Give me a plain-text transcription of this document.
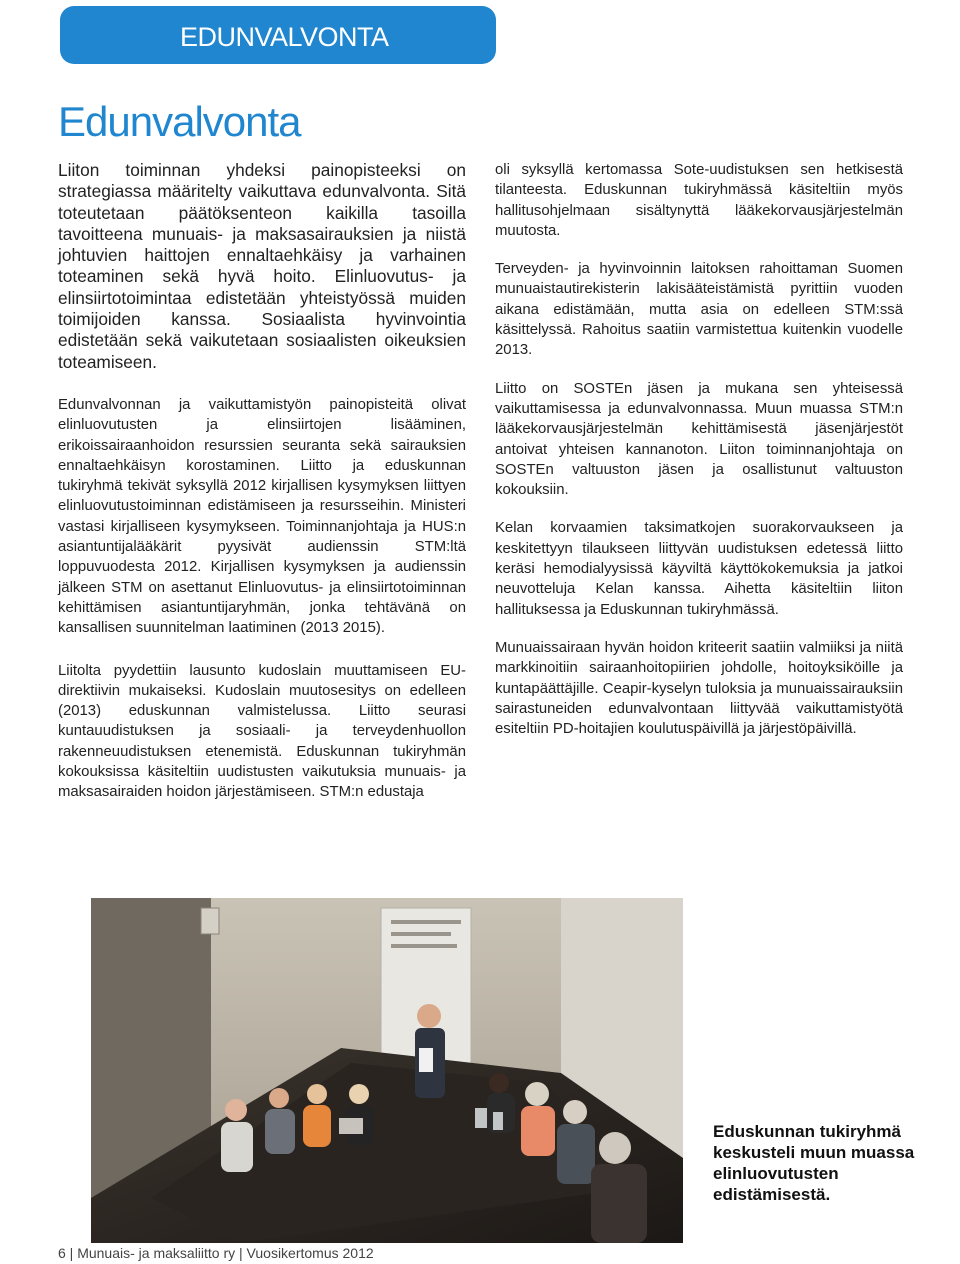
EDUNVALVONTA
Edunvalvonta

Liiton toiminnan yhdeksi painopisteeksi on strategiassa määritelty vaikuttava edunvalvonta. Sitä toteutetaan päätöksenteon kaikilla tasoilla tavoitteena munuais- ja maksasairauksien ja niistä johtuvien haittojen ennaltaehkäisy ja varhainen toteaminen sekä hyvä hoito. Elinluovutus- ja elinsiirtotoimintaa edistetään yhteistyössä muiden toimijoiden kanssa. Sosiaalista hyvinvointia edistetään sekä vaikutetaan sosiaalisten oikeuksien toteamiseen.

Edunvalvonnan ja vaikuttamistyön painopisteitä olivat elinluovutusten ja elinsiirtojen lisääminen, erikoissairaanhoidon resurssien seuranta sekä sairauksien ennaltaehkäisyn korostaminen. Liitto ja eduskunnan tukiryhmä tekivät syksyllä 2012 kirjallisen kysymyksen liittyen elinluovutustoiminnan edistämiseen ja resursseihin. Ministeri vastasi kirjalliseen kysymykseen. Toiminnanjohtaja ja HUS:n asiantuntijalääkärit pyysivät audienssin STM:ltä loppuvuodesta 2012. Kirjallisen kysymyksen ja audienssin jälkeen STM on asettanut Elinluovutus- ja elinsiirtotoiminnan kehittämisen asiantuntijaryhmän, jonka tehtävänä on kansallisen suunnitelman laatiminen (2013 2015).

Liitolta pyydettiin lausunto kudoslain muuttamiseen EU-direktiivin mukaiseksi. Kudoslain muutosesitys on edelleen (2013) eduskunnan valmistelussa. Liitto seurasi kuntauudistuksen ja sosiaali- ja terveydenhuollon rakenneuudistuksen etenemistä. Eduskunnan tukiryhmän kokouksissa käsiteltiin uudistusten vaikutuksia munuais- ja maksasairaiden hoidon järjestämiseen. STM:n edustaja

oli syksyllä kertomassa Sote-uudistuksen sen hetkisestä tilanteesta. Eduskunnan tukiryhmässä käsiteltiin myös hallitusohjelmaan sisältynyttä lääkekorvausjärjestelmän muutosta.

Terveyden- ja hyvinvoinnin laitoksen rahoittaman Suomen munuaistautirekisterin lakisääteistämistä pyrittiin vuoden aikana edistämään, mutta asia on edelleen STM:ssä käsittelyssä. Rahoitus saatiin varmistettua kuitenkin vuodelle 2013.

Liitto on SOSTEn jäsen ja mukana sen yhteisessä vaikuttamisessa ja edunvalvonnassa. Muun muassa STM:n lääkekorvausjärjestelmän kehittämisestä jäsenjärjestöt antoivat yhteisen kannanoton. Liiton toiminnanjohtaja on SOSTEn valtuuston jäsen ja osallistunut valtuuston kokouksiin.

Kelan korvaamien taksimatkojen suorakorvaukseen ja keskitettyyn tilaukseen liittyvän uudistuksen edetessä liitto keräsi hemodialyysissä käyviltä käyttökokemuksia ja jatkoi neuvotteluja Kelan kanssa. Aihetta käsiteltiin liiton hallituksessa ja Eduskunnan tukiryhmässä.

Munuaissairaan hyvän hoidon kriteerit saatiin valmiiksi ja niitä markkinoitiin sairaanhoitopiirien johdolle, hoitoyksiköille ja kuntapäättäjille. Ceapir-kyselyn tuloksia ja munuaissairauksiin sairastuneiden edunvalvontaan liittyvää vaikuttamistyötä esiteltiin PD-hoitajien koulutuspäivillä ja järjestöpäivillä.

Eduskunnan tukiryhmä keskusteli muun muassa elinluovutusten edistämisestä.

6 | Munuais- ja maksaliitto ry | Vuosikertomus 2012
